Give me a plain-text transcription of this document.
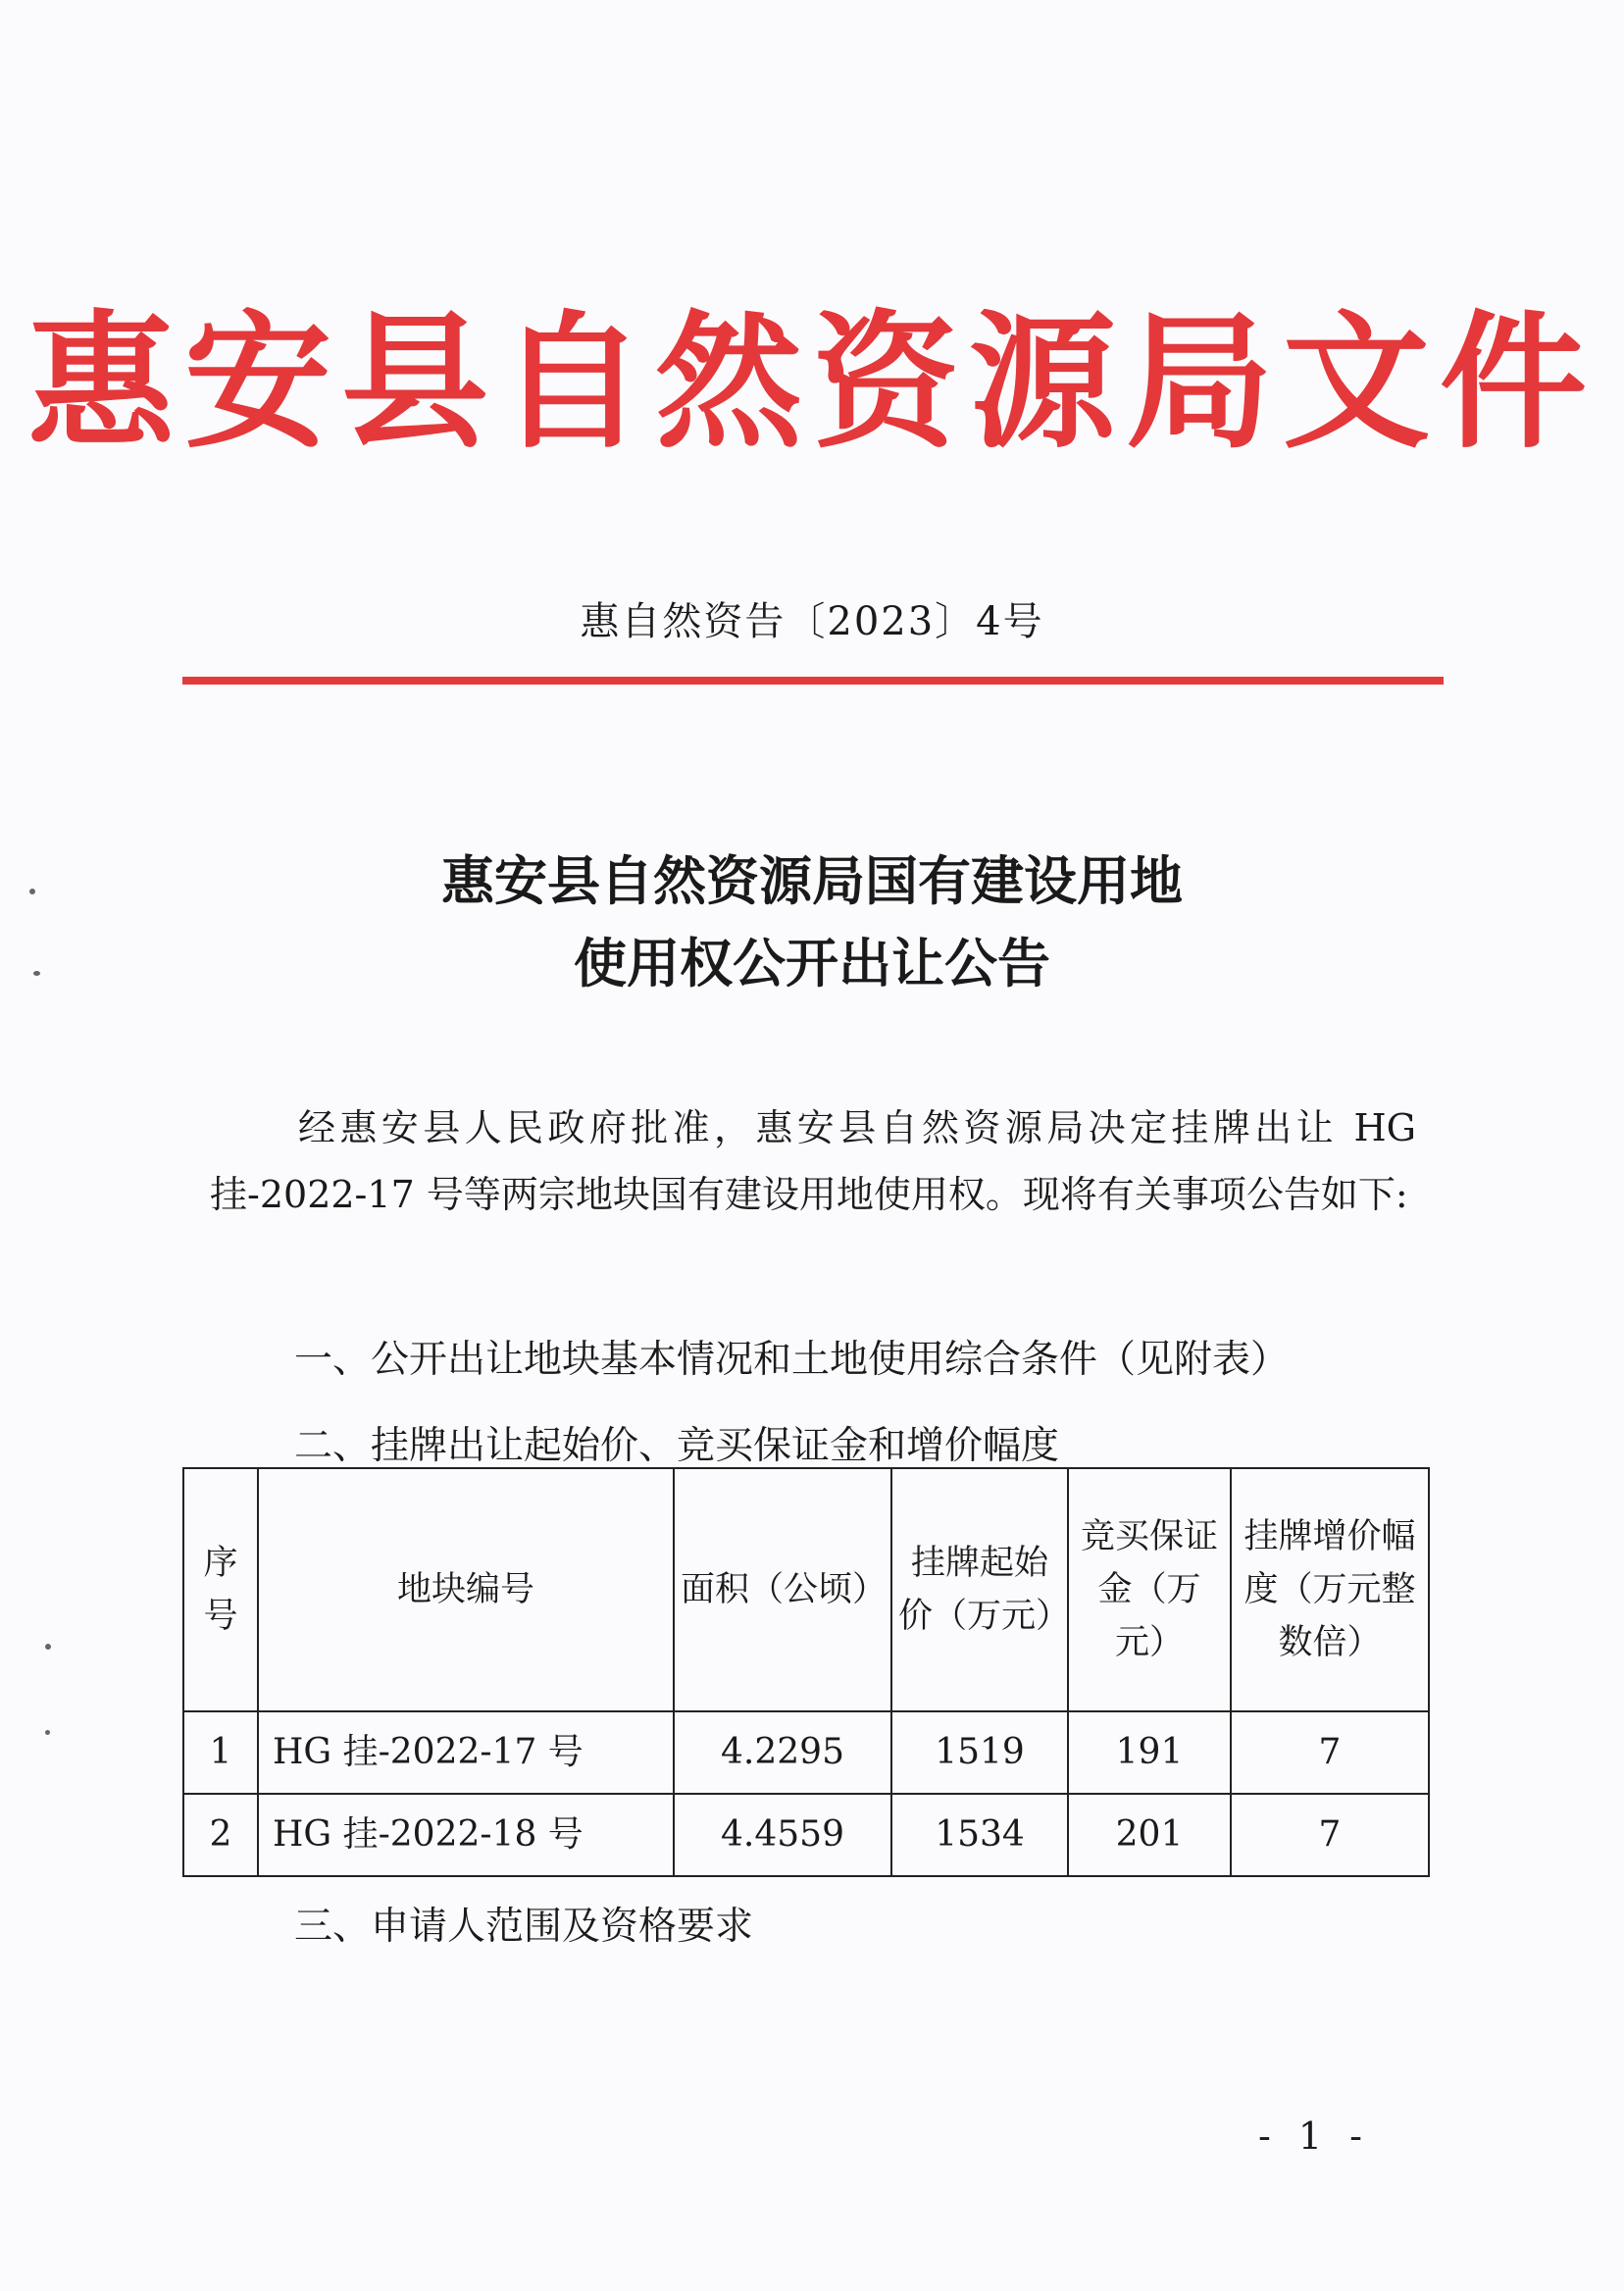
惠安县自然资源局文件
惠自然资告〔2023〕4号
惠安县自然资源局国有建设用地
使用权公开出让公告

经惠安县人民政府批准，惠安县自然资源局决定挂牌出让 HG 挂-2022-17 号等两宗地块国有建设用地使用权。现将有关事项公告如下:

一、公开出让地块基本情况和土地使用综合条件（见附表）
二、挂牌出让起始价、竞买保证金和增价幅度
序号	地块编号	面积（公顷）	挂牌起始价（万元）	竞买保证金（万元）	挂牌增价幅度（万元整数倍）
1	HG 挂-2022-17 号	4.2295	1519	191	7
2	HG 挂-2022-18 号	4.4559	1534	201	7
三、申请人范围及资格要求
- 1 -
